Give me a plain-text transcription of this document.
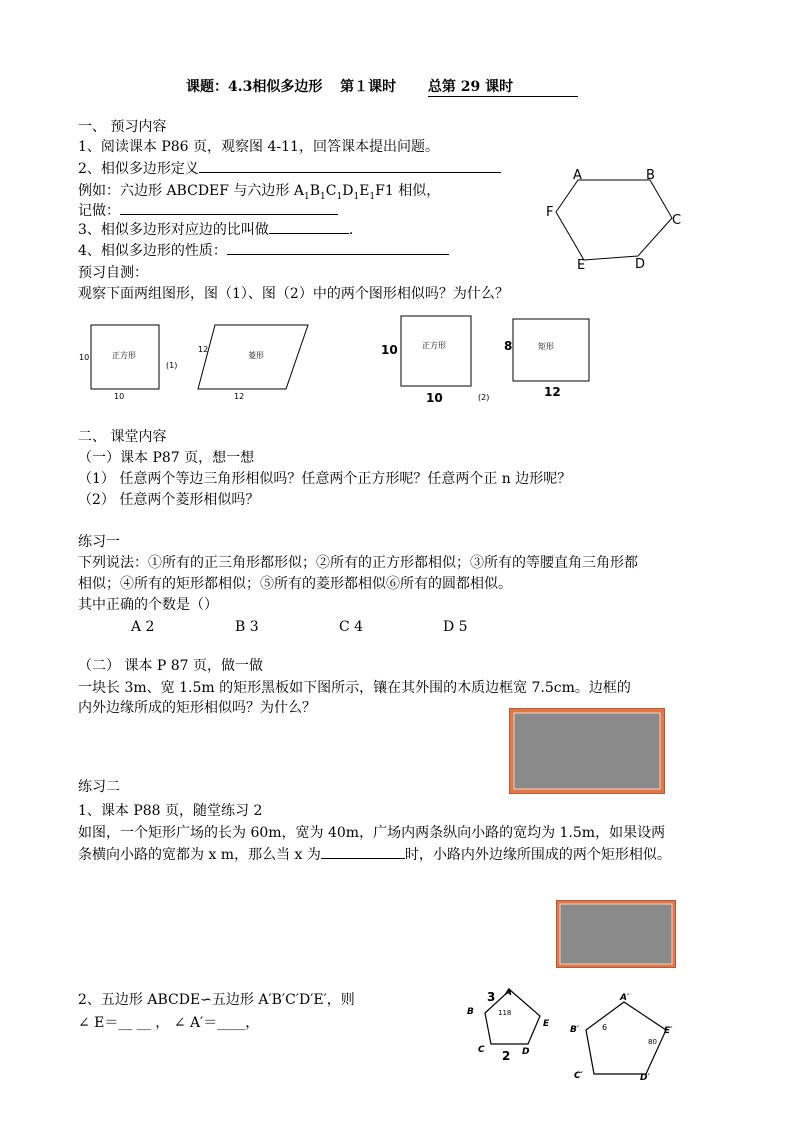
课题：4.3相似多边形 第１课时 总第 29 课时
一、 预习内容
1、阅读课本 P86 页，观察图 4-11，回答课本提出问题。
2、相似多边形定义
例如：六边形 ABCDEF 与六边形 $A_1B_1C_1D_1E_1F1$ 相似，
记做：
3、相似多边形对应边的比叫做	.
4、相似多边形的性质：
预习自测：
观察下面两组图形，图（1）、图（2）中的两个图形相似吗？为什么？
A	B
C
D
E
F
正方形
10
10
(1)
菱形
12
12
正方形
10
10	(2)
矩形
8
12
二、 课堂内容
（一）课本 P87 页，想一想
（1） 任意两个等边三角形相似吗？任意两个正方形呢？任意两个正 n 边形呢？
（2） 任意两个菱形相似吗？
练习一
下列说法：①所有的正三角形都形似；②所有的正方形都相似；③所有的等腰直角三角形都
相似；④所有的矩形都相似；⑤所有的菱形都相似⑥所有的圆都相似。
其中正确的个数是（）
A 2	B 3	C 4	D 5
（二） 课本 P 87 页，做一做
一块长 3m、宽 1.5m 的矩形黑板如下图所示，镶在其外围的木质边框宽 7.5cm。边框的
内外边缘所成的矩形相似吗？为什么？
练习二
1、课本 P88 页，随堂练习 2
如图，一个矩形广场的长为 60m，宽为 40m，广场内两条纵向小路的宽均为 1.5m，如果设两
条横向小路的宽都为 x m，那么当 x 为	时，小路内外边缘所围成的两个矩形相似。
2、五边形 ABCDE∽五边形 A′B′C′D′E′，则
∠ E＝__ __ ， ∠ A′＝____，
3 A
B	118
E
C	D
2
A′
B′	6	E′
80
C′	D′
